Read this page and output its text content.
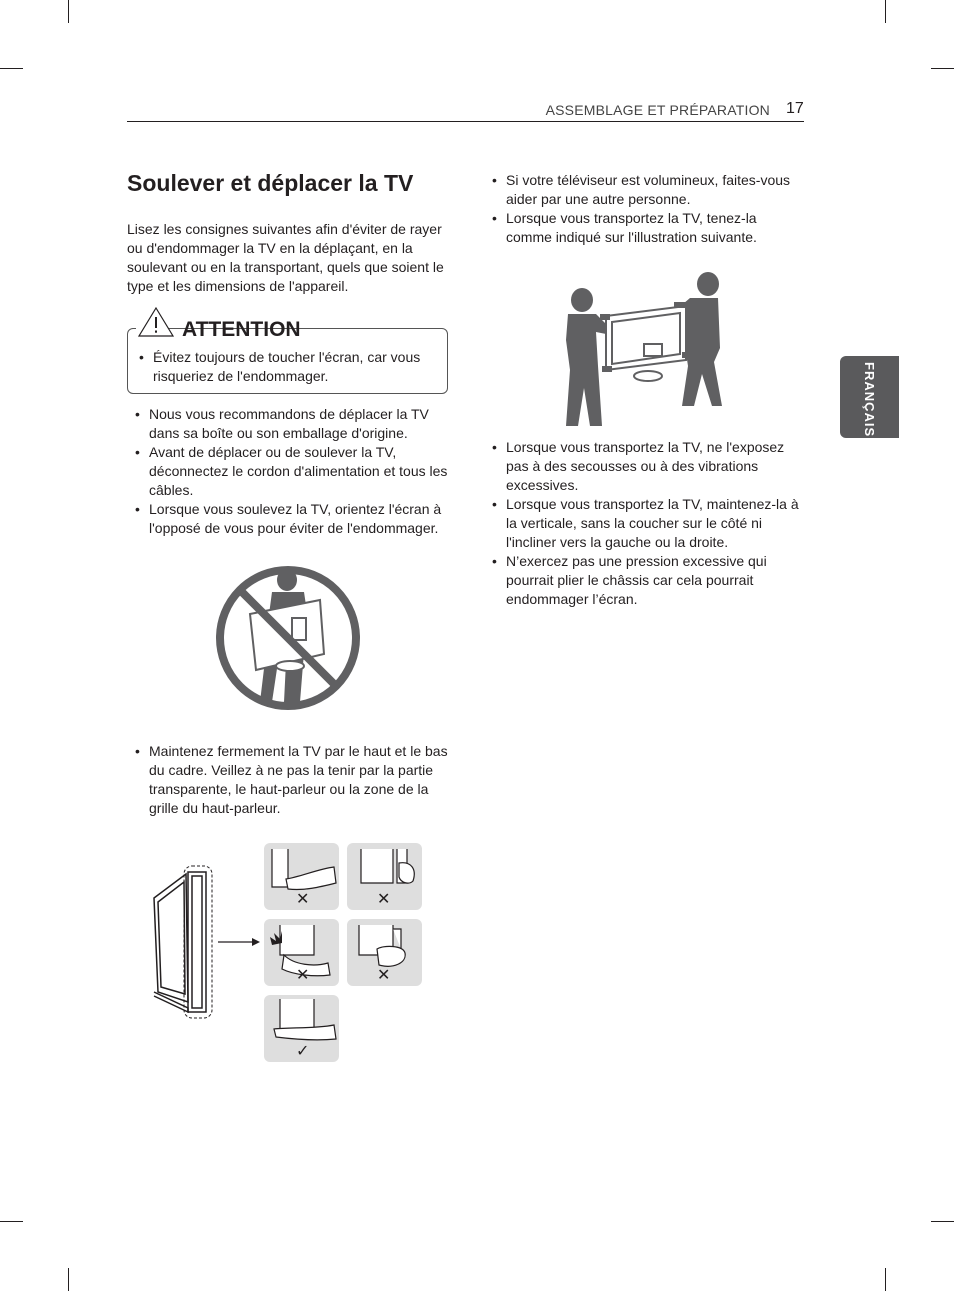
ASSEMBLAGE ET PRÉPARATION 17
FRANÇAIS
Soulever et déplacer la TV

Lisez les consignes suivantes afin d'éviter de rayer ou d'endommager la TV en la déplaçant, en la soulevant ou en la transportant, quels que soient le type et les dimensions de l'appareil.

ATTENTION
• Évitez toujours de toucher l'écran, car vous risqueriez de l'endommager.
• Nous vous recommandons de déplacer la TV dans sa boîte ou son emballage d'origine.
• Avant de déplacer ou de soulever la TV, déconnectez le cordon d'alimentation et tous les câbles.
• Lorsque vous soulevez la TV, orientez l'écran à l'opposé de vous pour éviter de l'endommager.
• Maintenez fermement la TV par le haut et le bas du cadre. Veillez à ne pas la tenir par la partie transparente, le haut-parleur ou la zone de la grille du haut-parleur.
✕	✕
✕	✕
✓
• Si votre téléviseur est volumineux, faites-vous aider par une autre personne.
• Lorsque vous transportez la TV, tenez-la comme indiqué sur l'illustration suivante.
• Lorsque vous transportez la TV, ne l'exposez pas à des secousses ou à des vibrations excessives.
• Lorsque vous transportez la TV, maintenez-la à la verticale, sans la coucher sur le côté ni l'incliner vers la gauche ou la droite.
• N’exercez pas une pression excessive qui pourrait plier le châssis car cela pourrait endommager l’écran.
